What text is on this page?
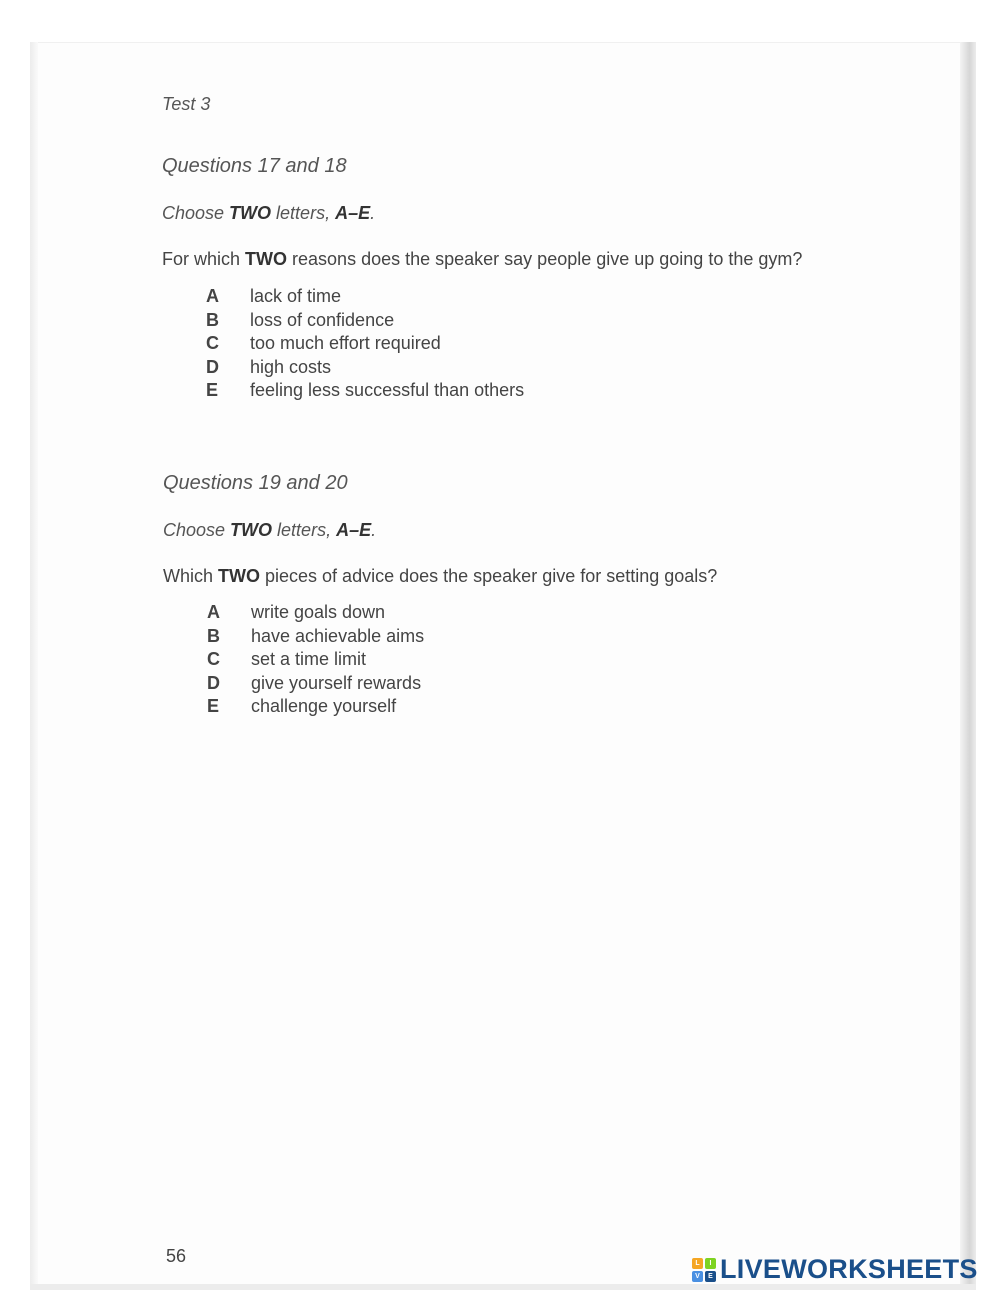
Test 3
Questions 17 and 18
Choose TWO letters, A–E.
For which TWO reasons does the speaker say people give up going to the gym?
A	lack of time
B	loss of confidence
C	too much effort required
D	high costs
E	feeling less successful than others
Questions 19 and 20
Choose TWO letters, A–E.
Which TWO pieces of advice does the speaker give for setting goals?
A	write goals down
B	have achievable aims
C	set a time limit
D	give yourself rewards
E	challenge yourself
56	L	I
V	E LIVEWORKSHEETS
